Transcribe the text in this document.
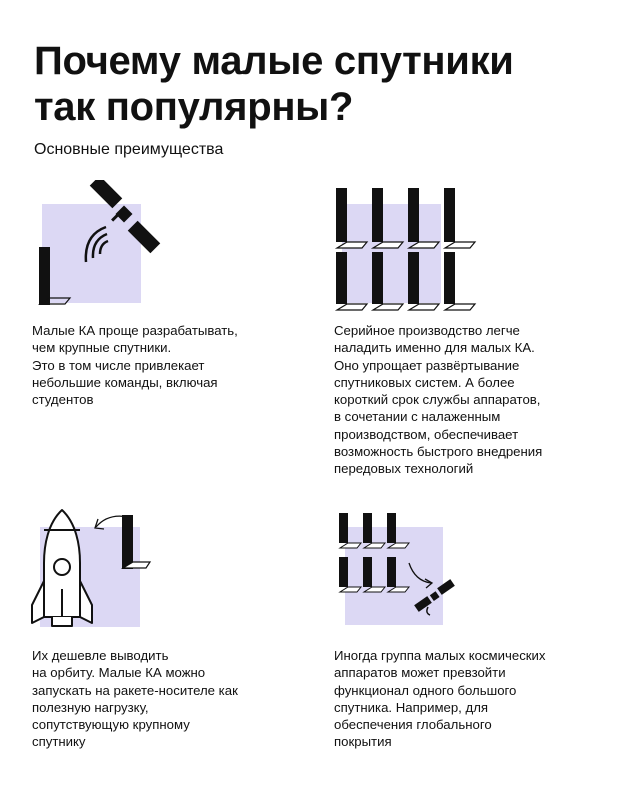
Почему малые спутники
так популярны?

Основные преимущества

Малые КА проще разрабатывать,
чем крупные спутники.
Это в том числе привлекает
небольшие команды, включая
студентов

Серийное производство легче
наладить именно для малых КА.
Оно упрощает развёртывание
спутниковых систем. А более
короткий срок службы аппаратов,
в сочетании с налаженным
производством, обеспечивает
возможность быстрого внедрения
передовых технологий

Их дешевле выводить
на орбиту. Малые КА можно
запускать на ракете-носителе как
полезную нагрузку,
сопутствующую крупному
спутнику

Иногда группа малых космических
аппаратов может превзойти
функционал одного большого
спутника. Например, для
обеспечения глобального
покрытия
